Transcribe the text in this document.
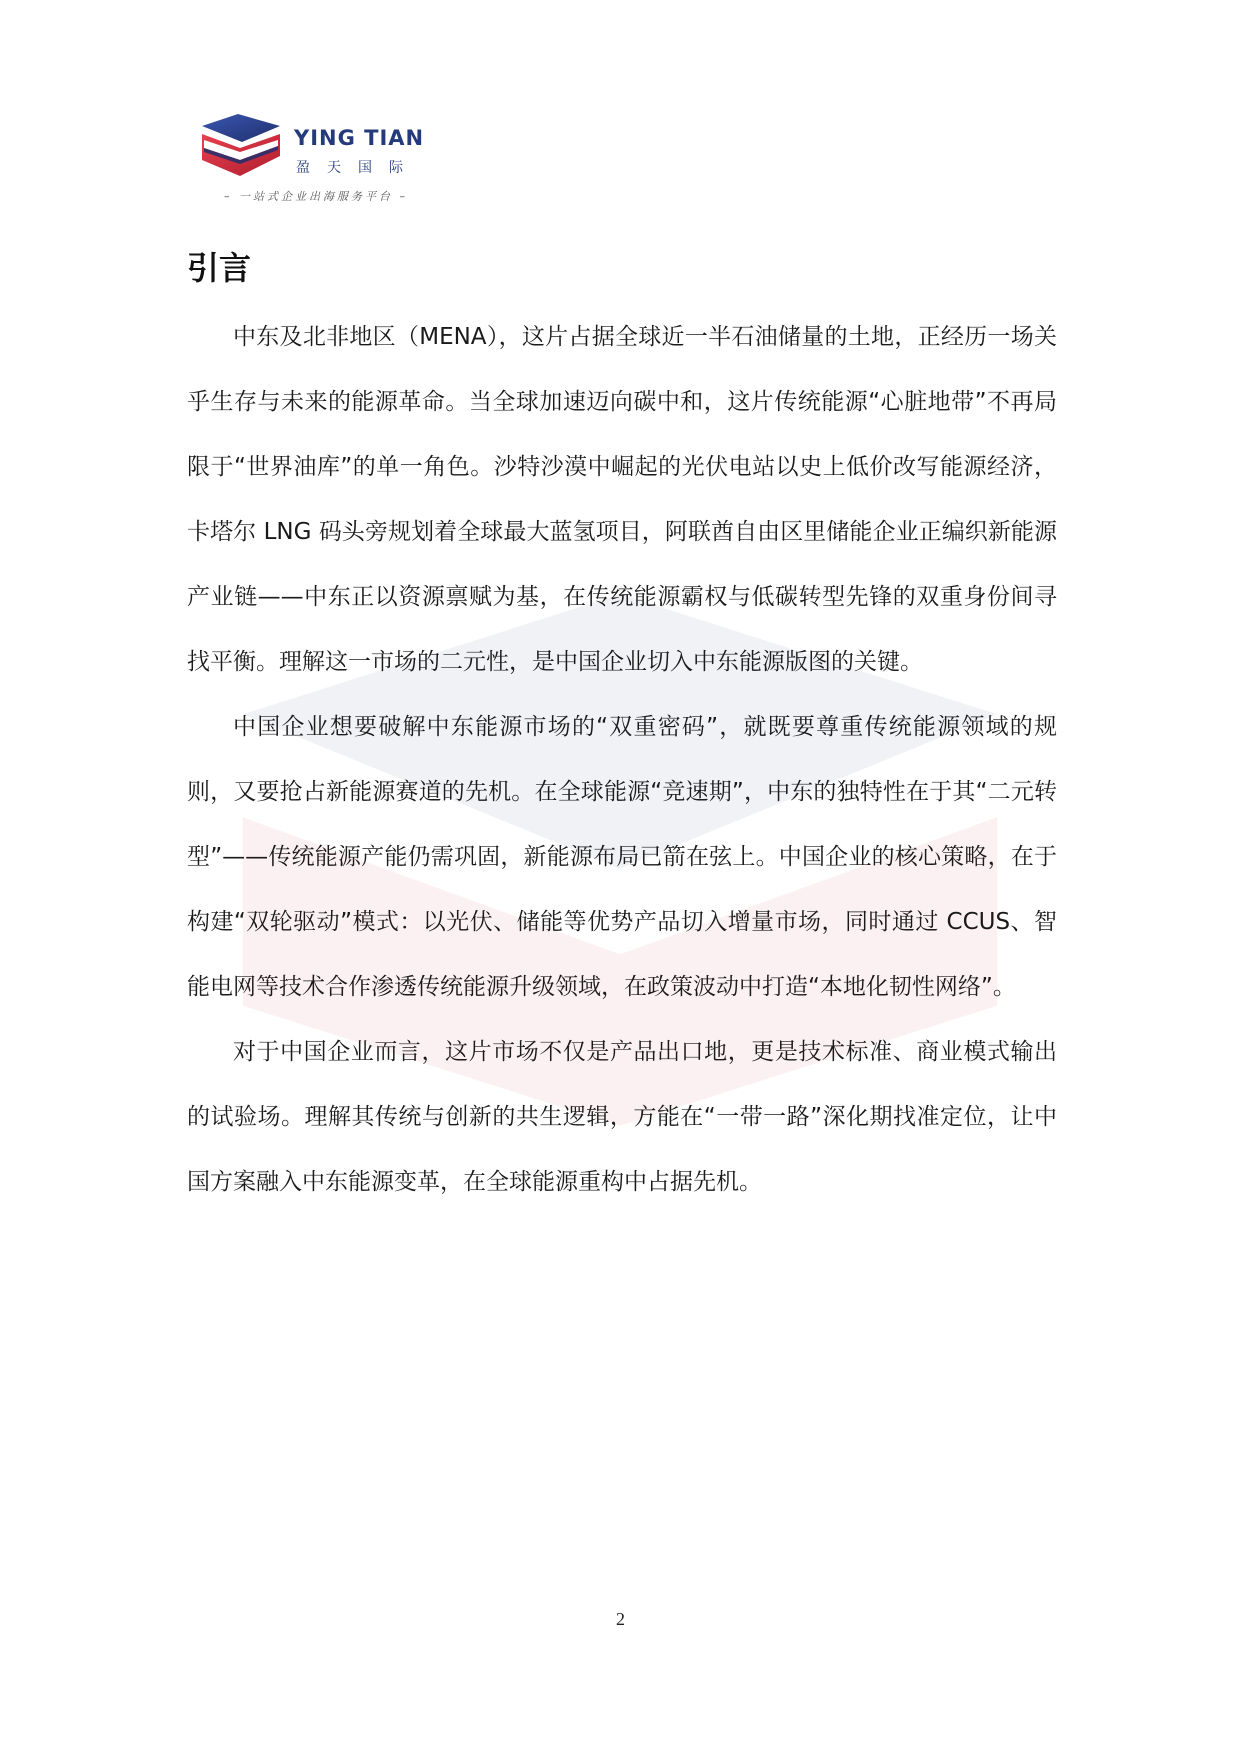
YING TIAN
盈天国际
– 一站式企业出海服务平台 –
引言

中东及北非地区（MENA），这片占据全球近一半石油储量的土地，正经历一场关乎生存与未来的能源革命。当全球加速迈向碳中和，这片传统能源“心脏地带”不再局限于“世界油库”的单一角色。沙特沙漠中崛起的光伏电站以史上低价改写能源经济，卡塔尔 LNG 码头旁规划着全球最大蓝氢项目，阿联酋自由区里储能企业正编织新能源产业链——中东正以资源禀赋为基，在传统能源霸权与低碳转型先锋的双重身份间寻找平衡。理解这一市场的二元性，是中国企业切入中东能源版图的关键。

中国企业想要破解中东能源市场的“双重密码”，就既要尊重传统能源领域的规则，又要抢占新能源赛道的先机。在全球能源“竞速期”，中东的独特性在于其“二元转型”——传统能源产能仍需巩固，新能源布局已箭在弦上。中国企业的核心策略，在于构建“双轮驱动”模式：以光伏、储能等优势产品切入增量市场，同时通过 CCUS、智能电网等技术合作渗透传统能源升级领域，在政策波动中打造“本地化韧性网络”。

对于中国企业而言，这片市场不仅是产品出口地，更是技术标准、商业模式输出的试验场。理解其传统与创新的共生逻辑，方能在“一带一路”深化期找准定位，让中国方案融入中东能源变革，在全球能源重构中占据先机。

2
